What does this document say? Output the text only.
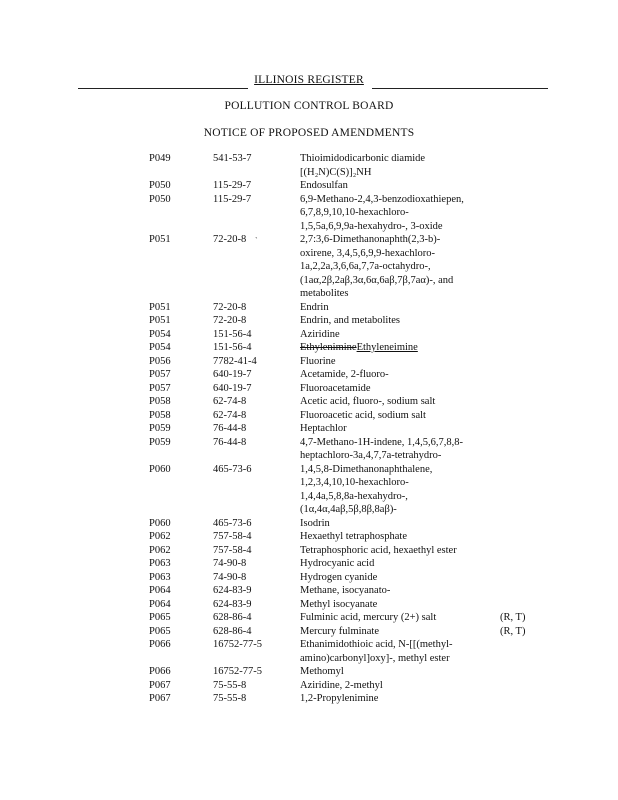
ILLINOIS REGISTER
POLLUTION CONTROL BOARD
NOTICE OF PROPOSED AMENDMENTS
ˋ
P049	541-53-7	Thioimidodicarbonic diamide
[(H₂N)C(S)]₂NH
P050	115-29-7	Endosulfan
P050	115-29-7	6,9-Methano-2,4,3-benzodioxathiepen,
6,7,8,9,10,10-hexachloro-
1,5,5a,6,9,9a-hexahydro-, 3-oxide
P051	72-20-8	2,7:3,6-Dimethanonaphth(2,3-b)-
oxirene, 3,4,5,6,9,9-hexachloro-
1a,2,2a,3,6,6a,7,7a-octahydro-,
(1aα,2β,2aβ,3α,6α,6aβ,7β,7aα)-, and
metabolites
P051	72-20-8	Endrin
P051	72-20-8	Endrin, and metabolites
P054	151-56-4	Aziridine
P054	151-56-4	EthylenimineEthyleneimine
P056	7782-41-4	Fluorine
P057	640-19-7	Acetamide, 2-fluoro-
P057	640-19-7	Fluoroacetamide
P058	62-74-8	Acetic acid, fluoro-, sodium salt
P058	62-74-8	Fluoroacetic acid, sodium salt
P059	76-44-8	Heptachlor
P059	76-44-8	4,7-Methano-1H-indene, 1,4,5,6,7,8,8-
heptachloro-3a,4,7,7a-tetrahydro-
P060	465-73-6	1,4,5,8-Dimethanonaphthalene,
1,2,3,4,10,10-hexachloro-
1,4,4a,5,8,8a-hexahydro-,
(1α,4α,4aβ,5β,8β,8aβ)-
P060	465-73-6	Isodrin
P062	757-58-4	Hexaethyl tetraphosphate
P062	757-58-4	Tetraphosphoric acid, hexaethyl ester
P063	74-90-8	Hydrocyanic acid
P063	74-90-8	Hydrogen cyanide
P064	624-83-9	Methane, isocyanato-
P064	624-83-9	Methyl isocyanate
P065	628-86-4	Fulminic acid, mercury (2+) salt	(R, T)
P065	628-86-4	Mercury fulminate	(R, T)
P066	16752-77-5	Ethanimidothioic acid, N-[[(methyl-
amino)carbonyl]oxy]-, methyl ester
P066	16752-77-5	Methomyl
P067	75-55-8	Aziridine, 2-methyl
P067	75-55-8	1,2-Propylenimine
